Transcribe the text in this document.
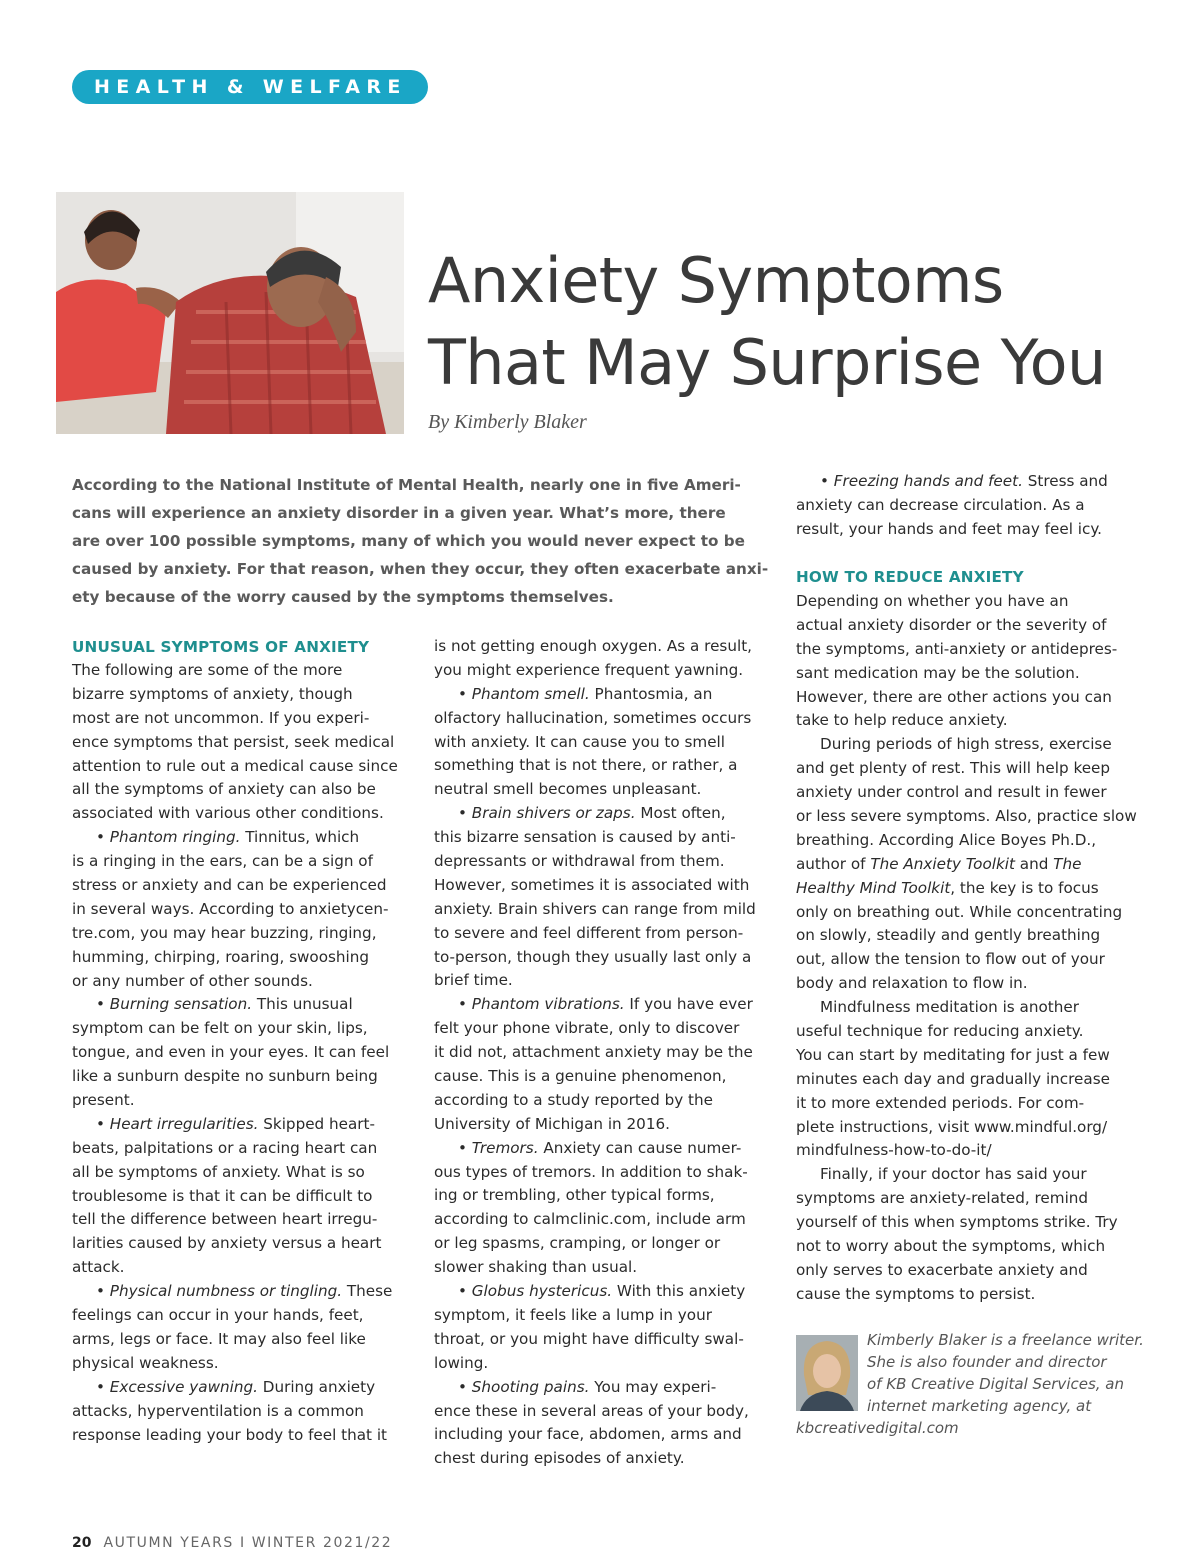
HEALTH & WELFARE
Anxiety Symptoms
That May Surprise You
By Kimberly Blaker
According to the National Institute of Mental Health, nearly one in five Ameri-
cans will experience an anxiety disorder in a given year. What’s more, there
are over 100 possible symptoms, many of which you would never expect to be
caused by anxiety. For that reason, when they occur, they often exacerbate anxi-
ety because of the worry caused by the symptoms themselves.
UNUSUAL SYMPTOMS OF ANXIETY
The following are some of the more
bizarre symptoms of anxiety, though
most are not uncommon. If you experi-
ence symptoms that persist, seek medical
attention to rule out a medical cause since
all the symptoms of anxiety can also be
associated with various other conditions.
• Phantom ringing. Tinnitus, which
is a ringing in the ears, can be a sign of
stress or anxiety and can be experienced
in several ways. According to anxietycen-
tre.com, you may hear buzzing, ringing,
humming, chirping, roaring, swooshing
or any number of other sounds.
• Burning sensation. This unusual
symptom can be felt on your skin, lips,
tongue, and even in your eyes. It can feel
like a sunburn despite no sunburn being
present.
• Heart irregularities. Skipped heart-
beats, palpitations or a racing heart can
all be symptoms of anxiety. What is so
troublesome is that it can be difficult to
tell the difference between heart irregu-
larities caused by anxiety versus a heart
attack.
• Physical numbness or tingling. These
feelings can occur in your hands, feet,
arms, legs or face. It may also feel like
physical weakness.
• Excessive yawning. During anxiety
attacks, hyperventilation is a common
response leading your body to feel that it
is not getting enough oxygen. As a result,
you might experience frequent yawning.
• Phantom smell. Phantosmia, an
olfactory hallucination, sometimes occurs
with anxiety. It can cause you to smell
something that is not there, or rather, a
neutral smell becomes unpleasant.
• Brain shivers or zaps. Most often,
this bizarre sensation is caused by anti-
depressants or withdrawal from them.
However, sometimes it is associated with
anxiety. Brain shivers can range from mild
to severe and feel different from person-
to-person, though they usually last only a
brief time.
• Phantom vibrations. If you have ever
felt your phone vibrate, only to discover
it did not, attachment anxiety may be the
cause. This is a genuine phenomenon,
according to a study reported by the
University of Michigan in 2016.
• Tremors. Anxiety can cause numer-
ous types of tremors. In addition to shak-
ing or trembling, other typical forms,
according to calmclinic.com, include arm
or leg spasms, cramping, or longer or
slower shaking than usual.
• Globus hystericus. With this anxiety
symptom, it feels like a lump in your
throat, or you might have difficulty swal-
lowing.
• Shooting pains. You may experi-
ence these in several areas of your body,
including your face, abdomen, arms and
chest during episodes of anxiety.
• Freezing hands and feet. Stress and
anxiety can decrease circulation. As a
result, your hands and feet may feel icy.
HOW TO REDUCE ANXIETY
Depending on whether you have an
actual anxiety disorder or the severity of
the symptoms, anti-anxiety or antidepres-
sant medication may be the solution.
However, there are other actions you can
take to help reduce anxiety.
During periods of high stress, exercise
and get plenty of rest. This will help keep
anxiety under control and result in fewer
or less severe symptoms. Also, practice slow
breathing. According Alice Boyes Ph.D.,
author of The Anxiety Toolkit and The
Healthy Mind Toolkit, the key is to focus
only on breathing out. While concentrating
on slowly, steadily and gently breathing
out, allow the tension to flow out of your
body and relaxation to flow in.
Mindfulness meditation is another
useful technique for reducing anxiety.
You can start by meditating for just a few
minutes each day and gradually increase
it to more extended periods. For com-
plete instructions, visit www.mindful.org/
mindfulness-how-to-do-it/
Finally, if your doctor has said your
symptoms are anxiety-related, remind
yourself of this when symptoms strike. Try
not to worry about the symptoms, which
only serves to exacerbate anxiety and
cause the symptoms to persist.
Kimberly Blaker is a freelance writer.
She is also founder and director
of KB Creative Digital Services, an
internet marketing agency, at
kbcreativedigital.com
20 AUTUMN YEARS I WINTER 2021/22
